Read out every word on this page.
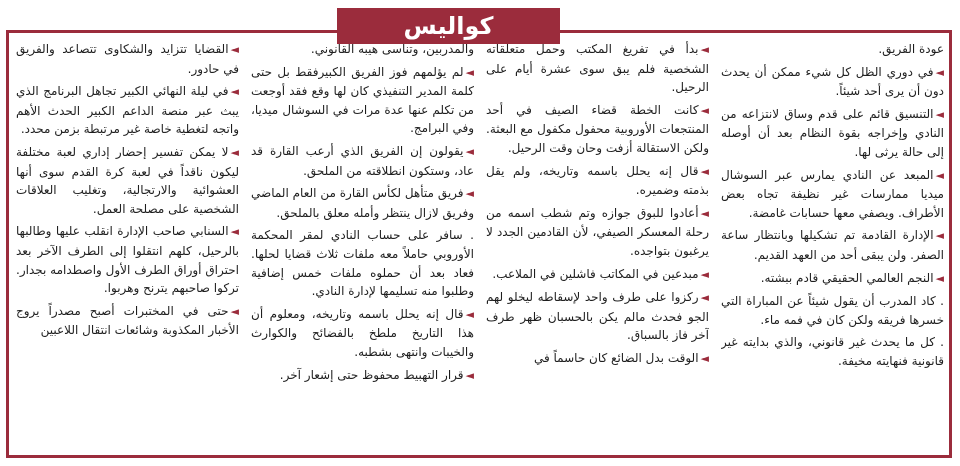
كواليس

◄القضايا تتزايد والشكاوى تتصاعد والفريق في حادور.

◄في ليلة النهائي الكبير تجاهل البرنامج الذي يبث عبر منصة الداعم الكبير الحدث الأهم واتجه لتغطية خاصة غير مرتبطة بزمن محدد.

◄لا يمكن تفسير إحضار إداري لعبة مختلفة ليكون ناقداً في لعبة كرة القدم سوى أنها العشوائية والارتجالية، وتغليب العلاقات الشخصية على مصلحة العمل.

◄السنابي صاحب الإدارة انقلب عليها وطالبها بالرحيل، كلهم انتقلوا إلى الطرف الآخر بعد احتراق أوراق الطرف الأول واصطدامه بجدار. تركوا صاحبهم يترنح وهربوا.

◄حتى في المختبرات أصبح مصدراً يروج الأخبار المكذوبة وشائعات انتقال اللاعبين

والمدربين، وتناسى هيبه القانوني.

◄لم يؤلمهم فوز الفريق الكبيرفقط بل حتى كلمة المدير التنفيذي كان لها وقع فقد أوجعت من تكلم عنها عدة مرات في السوشال ميديا، وفي البرامج.

◄يقولون إن الفريق الذي أرعب القارة قد عاد، وستكون انطلاقته من الملحق.

◄فريق متأهل لكأس القارة من العام الماضي وفريق لازال ينتظر وأمله معلق بالملحق.

. سافر على حساب النادي لمقر المحكمة الأوروبي حاملاً معه ملفات ثلاث قضايا لحلها. فعاد بعد أن حملوه ملفات خمس إضافية وطلبوا منه تسليمها لإدارة النادي.

◄قال إنه يحلل باسمه وتاريخه، ومعلوم أن هذا التاريخ ملطخ بالفضائح والكوارث والخيبات وانتهى بشطبه.

◄قرار التهبيط محفوظ حتى إشعار آخر.

◄بدأ في تفريغ المكتب وحمل متعلقاته الشخصية فلم يبق سوى عشرة أيام على الرحيل.

◄كانت الخطة قضاء الصيف في أحد المنتجعات الأوروبية محفول مكفول مع البعثة. ولكن الاستقالة أزفت وحان وقت الرحيل.

◄قال إنه يحلل باسمه وتاريخه، ولم يقل بذمته وضميره.

◄أعادوا للبوق جوازه وتم شطب اسمه من رحلة المعسكر الصيفي، لأن القادمين الجدد لا يرغبون بتواجده.

◄مبدعين في المكاتب فاشلين في الملاعب.

◄ركزوا على طرف واحد لإسقاطه ليخلو لهم الجو فحدث مالم يكن بالحسبان ظهر طرف آخر فاز بالسباق.

◄الوقت بدل الضائع كان حاسماً في

عودة الفريق.

◄في دوري الظل كل شيء ممكن أن يحدث دون أن يرى أحد شيئاً.

◄التنسيق قائم على قدم وساق لانتزاعه من النادي وإخراجه بقوة النظام بعد أن أوصله إلى حالة يرثى لها.

◄المبعد عن النادي يمارس عبر السوشال ميديا ممارسات غير نظيفة تجاه بعض الأطراف. ويصفي معها حسابات غامضة.

◄الإدارة القادمة تم تشكيلها وبانتظار ساعة الصفر. ولن يبقى أحد من العهد القديم.

◄النجم العالمي الحقيقي قادم ببشته.

. كاد المدرب أن يقول شيئاً عن المباراة التي خسرها فريقه ولكن كان في فمه ماء.

. كل ما يحدث غير قانوني، والذي بدايته غير قانونية فنهايته مخيفة.
